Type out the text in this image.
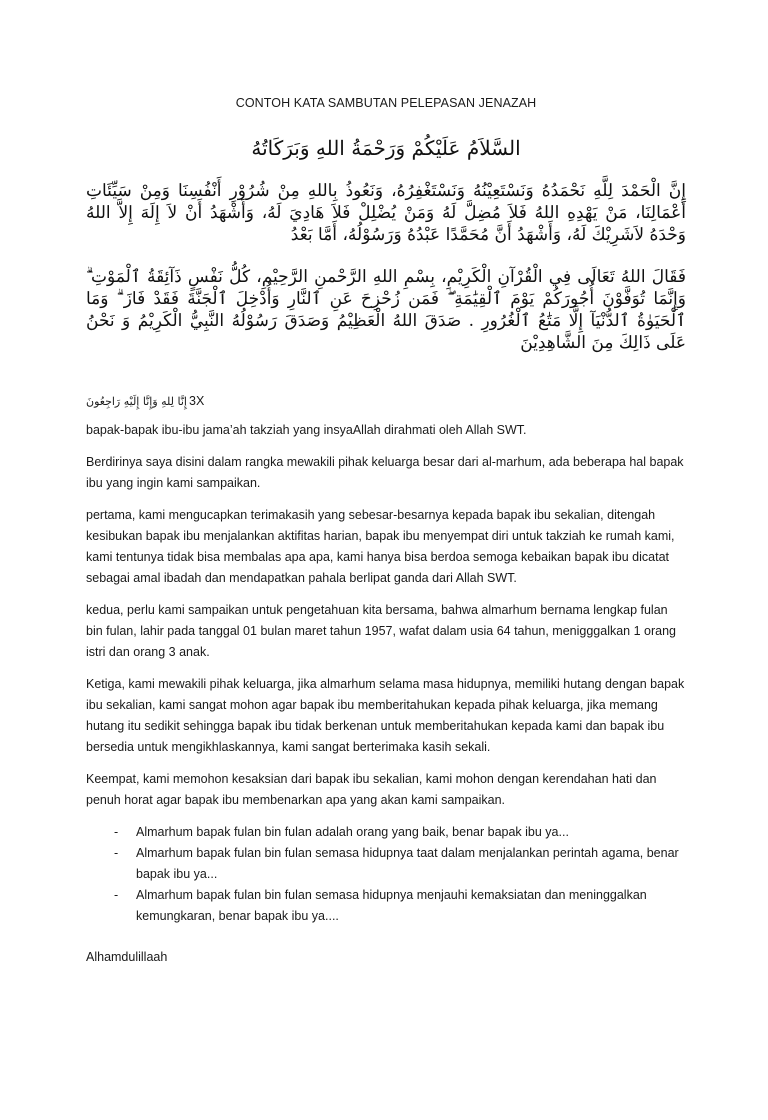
CONTOH KATA SAMBUTAN PELEPASAN JENAZAH
السَّلاَمُ عَلَيْكُمْ وَرَحْمَةُ اللهِ وَبَرَكَاتُهُ
إِنَّ الْحَمْدَ لِلَّهِ نَحْمَدُهُ وَنَسْتَعِيْنُهُ وَنَسْتَغْفِرُهُ، وَنَعُوذُ بِاللهِ مِنْ شُرُوْرِ أَنْفُسِنَا وَمِنْ سَيِّئَاتِ أَعْمَالِنَا، مَنْ يَهْدِهِ اللهُ فَلاَ مُضِلَّ لَهُ وَمَنْ يُضْلِلْ فَلاَ هَادِيَ لَهُ، وَأَشْهَدُ أَنْ لاَ إِلَهَ إِلاَّ اللهُ وَحْدَهُ لاَشَرِيْكَ لَهُ، وَأَشْهَدُ أَنَّ مُحَمَّدًا عَبْدُهُ وَرَسُوْلُهُ، أَمَّا بَعْدُ
فَقَالَ اللهُ تَعَالَى فِي الْقُرْآنِ الْكَرِيْمِ، بِسْمِ اللهِ الرَّحْمنِ الرَّحِيْمِ، كُلُّ نَفْسٍ ذَآئِقَةُ ٱلْمَوْتِ ۗ وَإِنَّمَا تُوَفَّوْنَ أُجُورَكُمْ يَوْمَ ٱلْقِيَٰمَةِ ۖ فَمَن زُحْزِحَ عَنِ ٱلنَّارِ وَأُدْخِلَ ٱلْجَنَّةَ فَقَدْ فَازَ ۗ وَمَا ٱلْحَيَوٰةُ ٱلدُّنْيَآ إِلَّا مَتَٰعُ ٱلْغُرُورِ . صَدَقَ اللهُ الْعَظِيْمُ وَصَدَقَ رَسُوْلُهُ النَّبِيُّ الْكَرِيْمُ وَ نَحْنُ عَلَى ذَالِكَ مِنَ الشَّاهِدِيْنَ
إِنَّا لِلهِ وَإِنَّا إِلَيْهِ رَاجِعُونَ 3X

bapak-bapak ibu-ibu jama’ah takziah yang insyaAllah dirahmati oleh Allah SWT.

Berdirinya saya disini dalam rangka mewakili pihak keluarga besar dari al-marhum, ada beberapa hal bapak ibu yang ingin kami sampaikan.

pertama, kami mengucapkan terimakasih yang sebesar-besarnya kepada bapak ibu sekalian, ditengah kesibukan bapak ibu menjalankan aktifitas harian, bapak ibu menyempat diri untuk takziah ke rumah kami, kami tentunya tidak bisa membalas apa apa, kami hanya bisa berdoa semoga kebaikan bapak ibu dicatat sebagai amal ibadah dan mendapatkan pahala berlipat ganda dari Allah SWT.

kedua, perlu kami sampaikan untuk pengetahuan kita bersama, bahwa almarhum bernama lengkap fulan bin fulan, lahir pada tanggal 01 bulan maret tahun 1957, wafat dalam usia 64 tahun, menigggalkan 1 orang istri dan orang 3 anak.

Ketiga, kami mewakili pihak keluarga, jika almarhum selama masa hidupnya, memiliki hutang dengan bapak ibu sekalian, kami sangat mohon agar bapak ibu memberitahukan kepada pihak keluarga, jika memang hutang itu sedikit sehingga bapak ibu tidak berkenan untuk memberitahukan kepada kami dan bapak ibu bersedia untuk mengikhlaskannya, kami sangat berterimaka kasih sekali.

Keempat, kami memohon kesaksian dari bapak ibu sekalian, kami mohon dengan kerendahan hati dan penuh horat agar bapak ibu membenarkan apa yang akan kami sampaikan.

- Almarhum bapak fulan bin fulan adalah orang yang baik, benar bapak ibu ya...
- Almarhum bapak fulan bin fulan semasa hidupnya taat dalam menjalankan perintah agama, benar bapak ibu ya...
- Almarhum bapak fulan bin fulan semasa hidupnya menjauhi kemaksiatan dan meninggalkan kemungkaran, benar bapak ibu ya....
Alhamdulillaah
